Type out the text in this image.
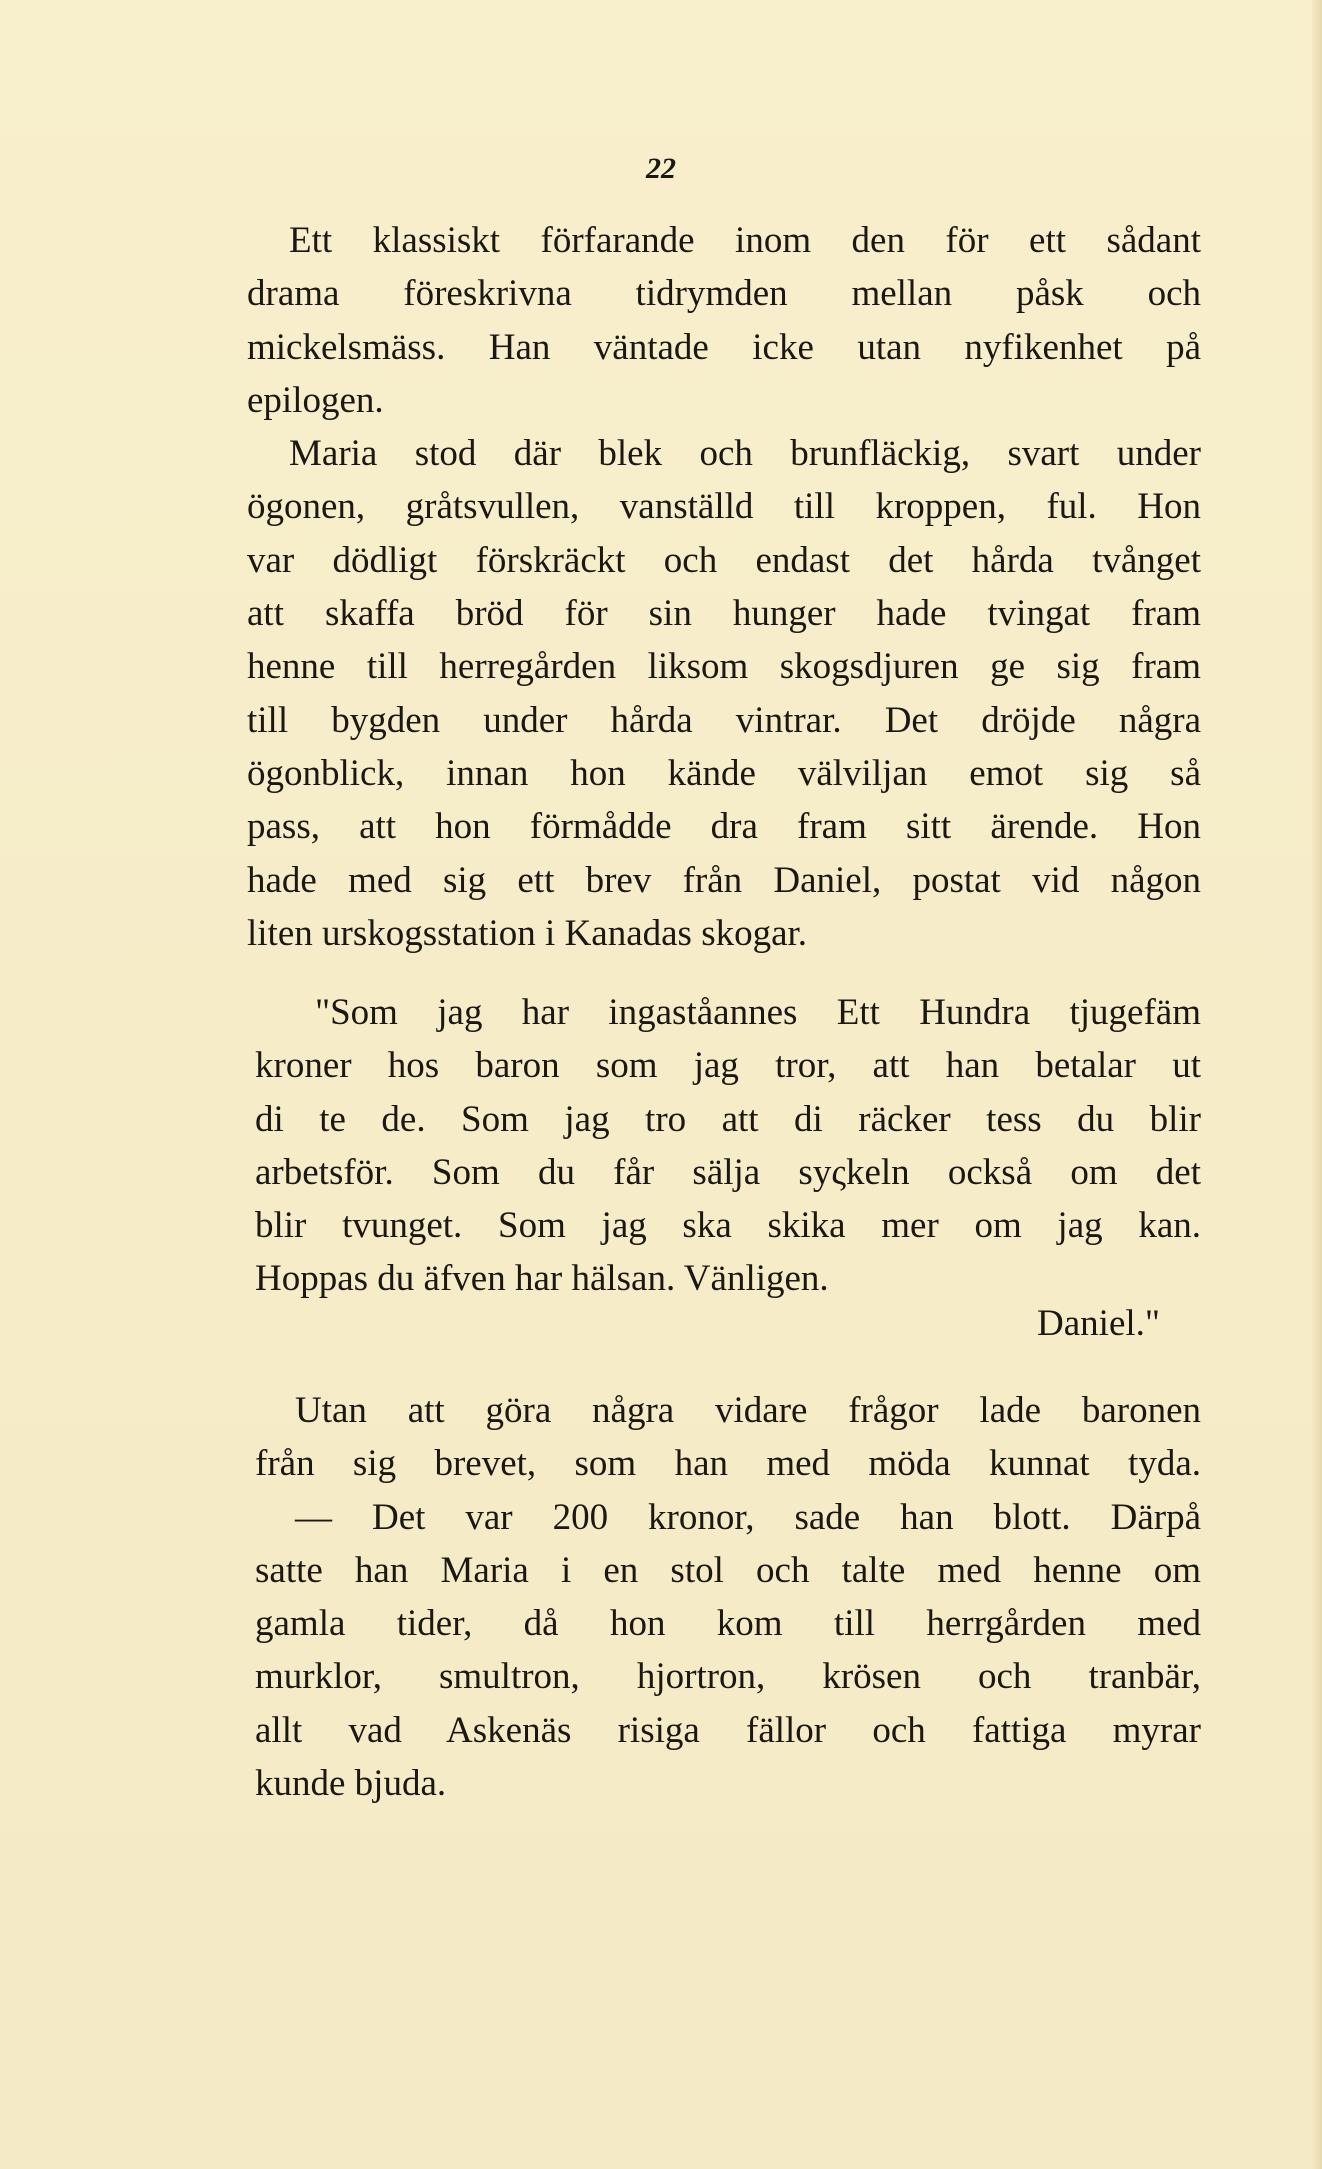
22
Ett klassiskt förfarande inom den för ett sådant
drama föreskrivna tidrymden mellan påsk och
mickelsmäss. Han väntade icke utan nyfikenhet på
epilogen.
Maria stod där blek och brunfläckig, svart under
ögonen, gråtsvullen, vanställd till kroppen, ful. Hon
var dödligt förskräckt och endast det hårda tvånget
att skaffa bröd för sin hunger hade tvingat fram
henne till herregården liksom skogsdjuren ge sig fram
till bygden under hårda vintrar. Det dröjde några
ögonblick, innan hon kände välviljan emot sig så
pass, att hon förmådde dra fram sitt ärende. Hon
hade med sig ett brev från Daniel, postat vid någon
liten urskogsstation i Kanadas skogar.
"Som jag har ingaståannes Ett Hundra tjugefäm
kroner hos baron som jag tror, att han betalar ut
di te de. Som jag tro att di räcker tess du blir
arbetsför. Som du får sälja syςkeln också om det
blir tvunget. Som jag ska skika mer om jag kan.
Hoppas du äfven har hälsan. Vänligen.
Daniel."
Utan att göra några vidare frågor lade baronen
från sig brevet, som han med möda kunnat tyda.
— Det var 200 kronor, sade han blott. Därpå
satte han Maria i en stol och talte med henne om
gamla tider, då hon kom till herrgården med
murklor, smultron, hjortron, krösen och tranbär,
allt vad Askenäs risiga fällor och fattiga myrar
kunde bjuda.
